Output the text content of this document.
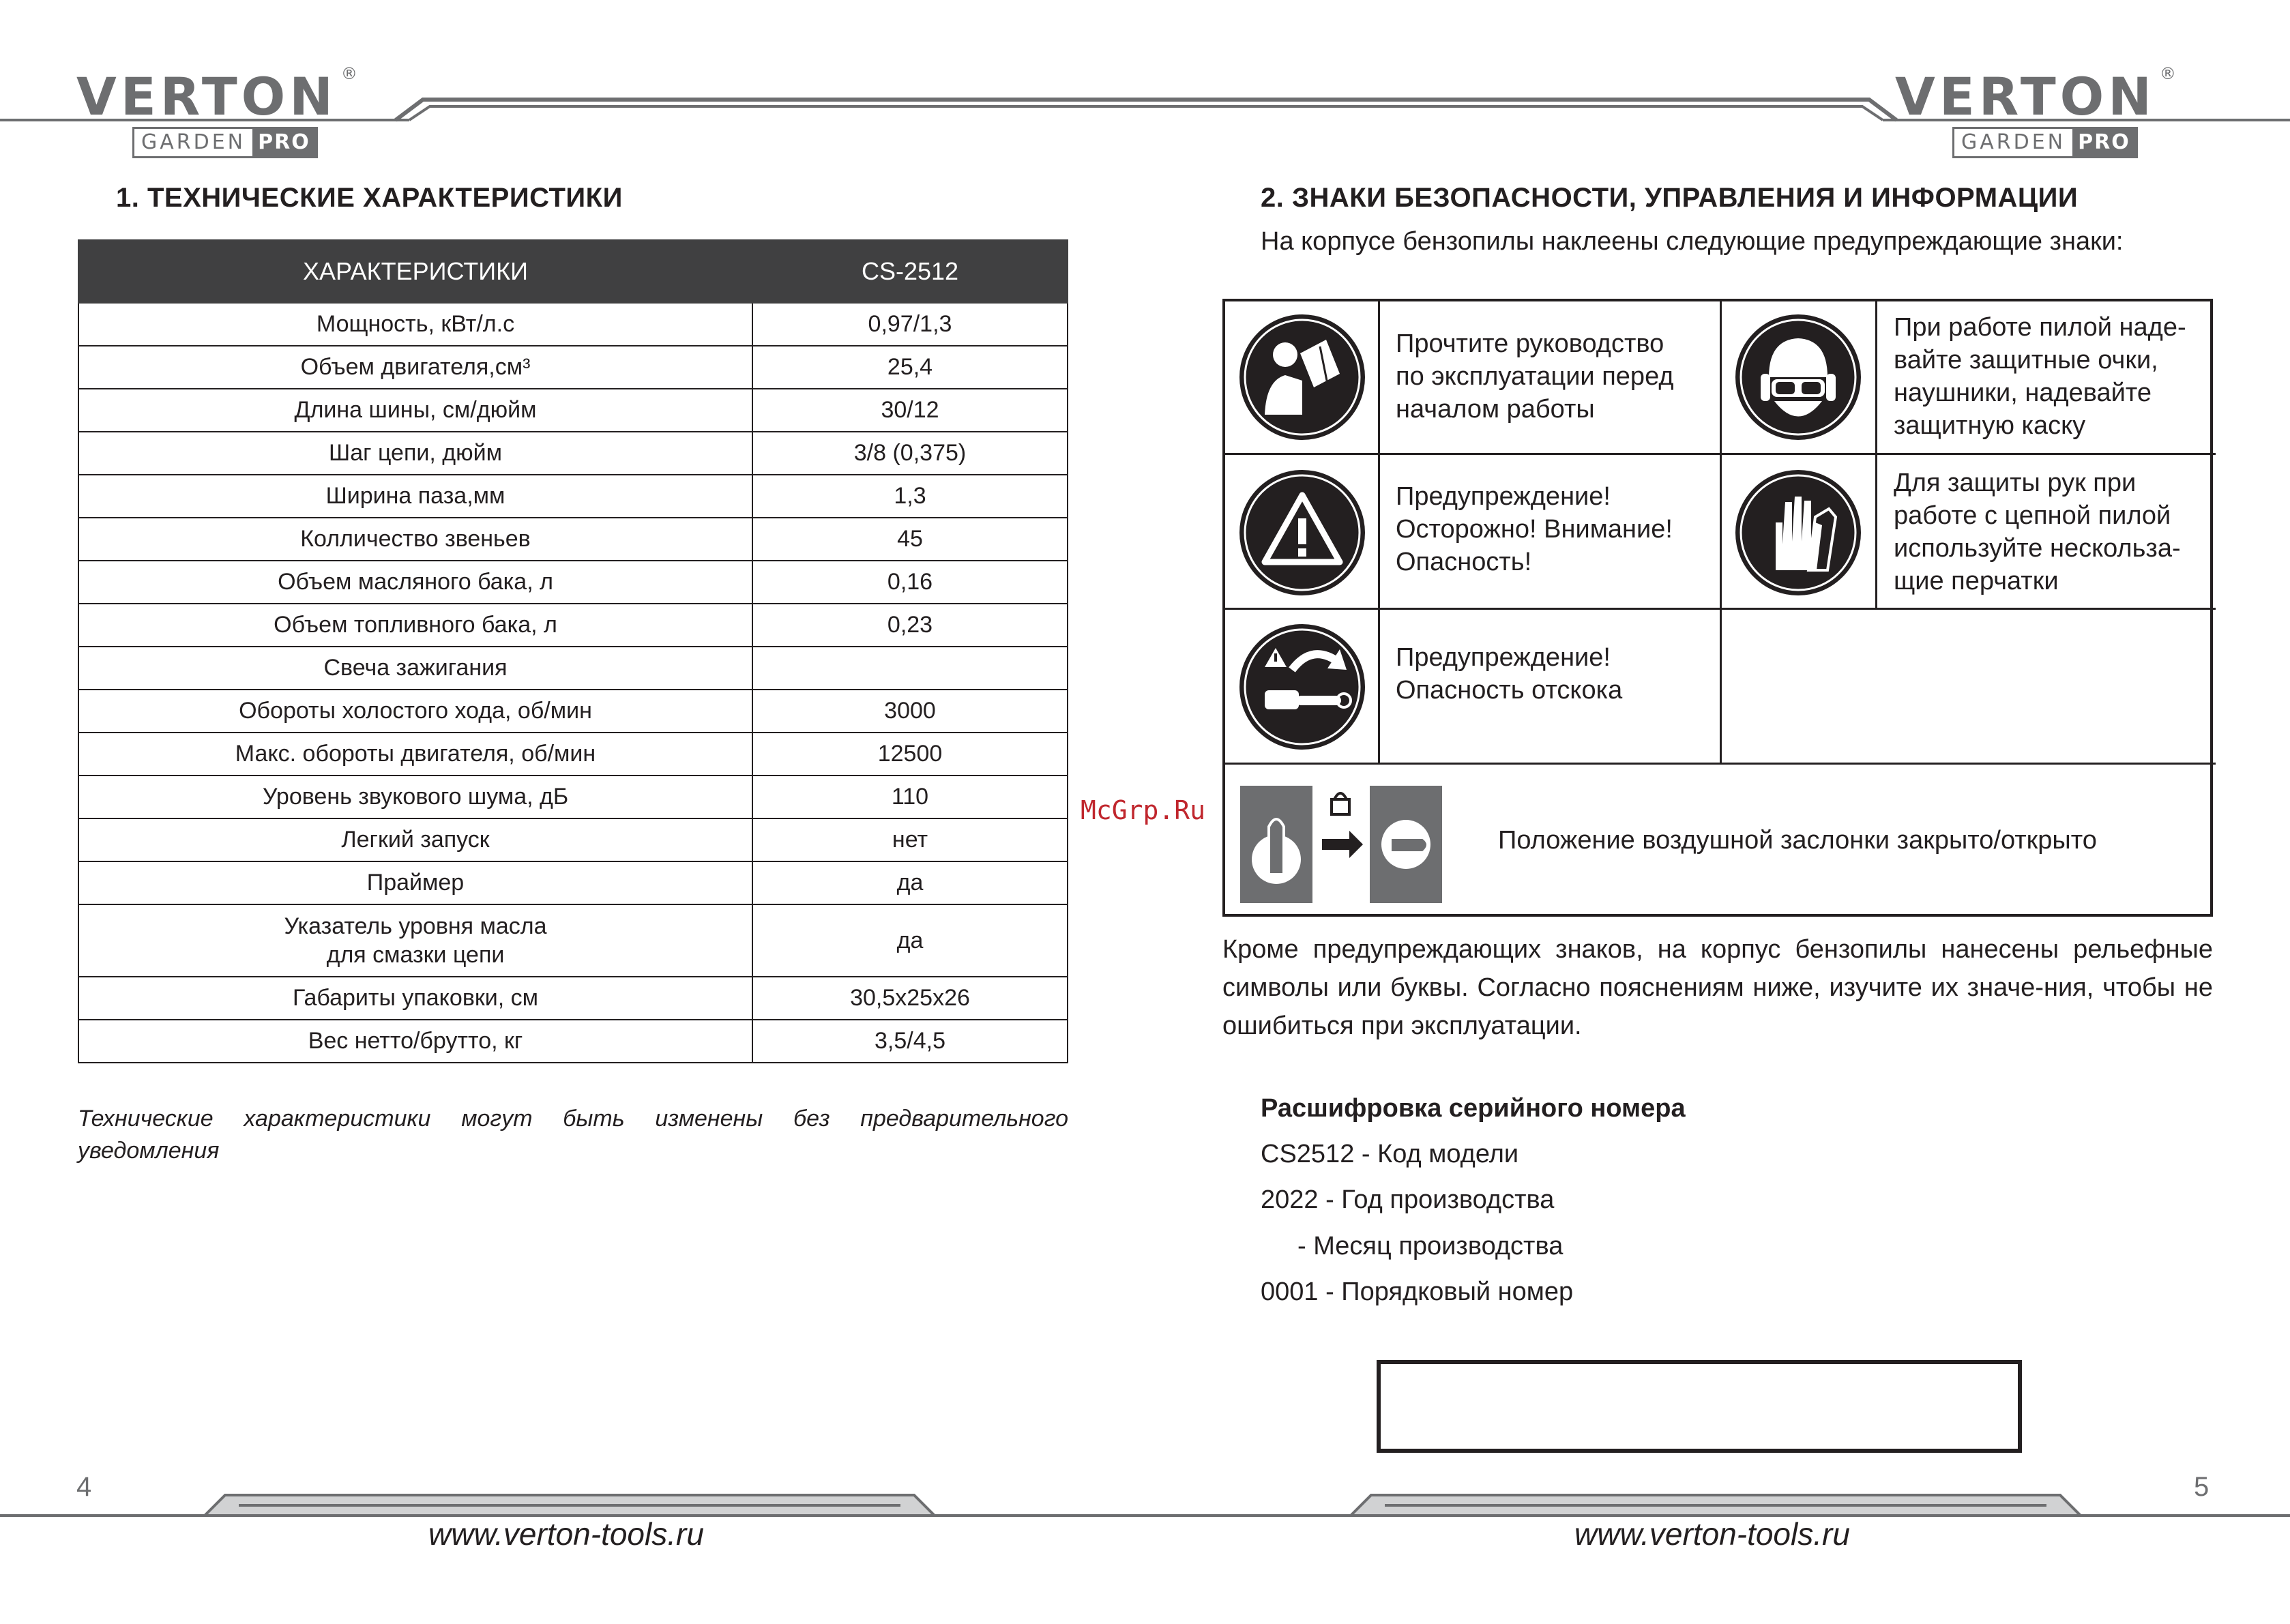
VERTON ®
GARDEN PRO
VERTON ®
GARDEN PRO
1. ТЕХНИЧЕСКИЕ ХАРАКТЕРИСТИКИ
ХАРАКТЕРИСТИКИ	CS-2512
Мощность, кВт/л.с	0,97/1,3
Объем двигателя,см³	25,4
Длина шины, см/дюйм	30/12
Шаг цепи, дюйм	3/8 (0,375)
Ширина паза,мм	1,3
Колличество звеньев	45
Объем масляного бака, л	0,16
Объем топливного бака, л	0,23
Свеча зажигания	
Обороты холостого хода, об/мин	3000
Макс. обороты двигателя, об/мин	12500
Уровень звукового шума, дБ	110
Легкий запуск	нет
Праймер	да

Указатель уровня масла
для смазки цепи	да
Габариты упаковки, см	30,5х25х26
Вес нетто/брутто, кг	3,5/4,5
Технические характеристики могут быть изменены без предварительного уведомления
4
www.verton-tools.ru
McGrp.Ru
2. ЗНАКИ БЕЗОПАСНОСТИ, УПРАВЛЕНИЯ И ИНФОРМАЦИИ
На корпусе бензопилы наклеены следующие предупреждающие знаки:
Прочтите руководство
по эксплуатации перед
началом работы
При работе пилой наде-
вайте защитные очки,
наушники, надевайте
защитную каску
Предупреждение!
Осторожно! Внимание!
Опасность!
Для защиты рук при
работе с цепной пилой
используйте нескольза-
щие перчатки
Предупреждение!
Опасность отскока
Положение воздушной заслонки закрыто/открыто
Кроме предупреждающих знаков, на корпус бензопилы нанесены рельефные символы или буквы. Согласно пояснениям ниже, изучите их значе-ния, чтобы не ошибиться при эксплуатации.
Расшифровка серийного номера
CS2512 - Код модели
2022 - Год производства
- Месяц производства
0001 - Порядковый номер
5
www.verton-tools.ru
